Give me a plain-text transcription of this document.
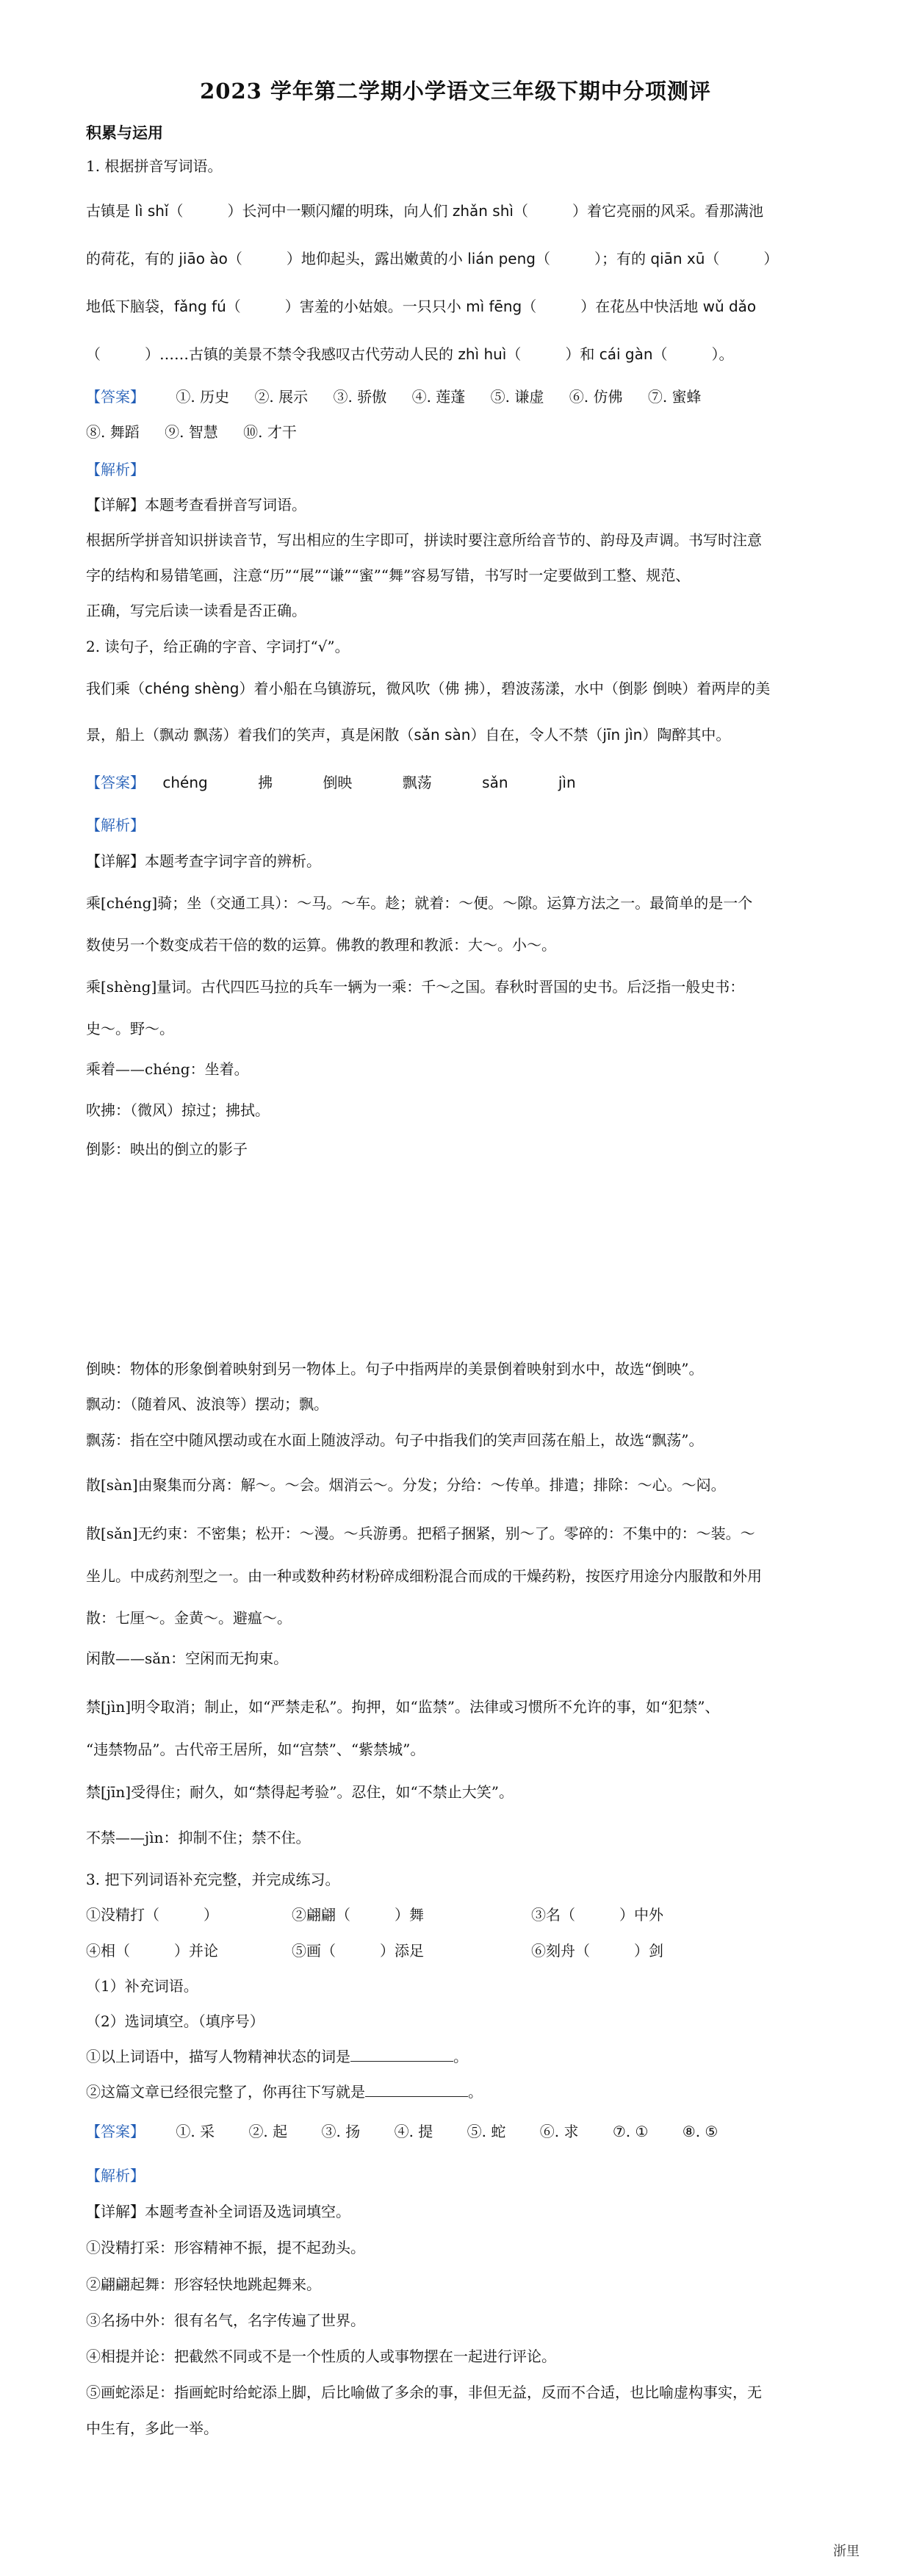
2023 学年第二学期小学语文三年级下期中分项测评
积累与运用
1. 根据拼音写词语。
古镇是 lì shǐ（　　　）长河中一颗闪耀的明珠，向人们 zhǎn shì（　　　）着它亮丽的风采。看那满池
的荷花，有的 jiāo ào（　　　）地仰起头，露出嫩黄的小 lián peng（　　　）；有的 qiān xū（　　　）
地低下脑袋，fǎng fú（　　　）害羞的小姑娘。一只只小 mì fēng（　　　）在花丛中快活地 wǔ dǎo
（　　　）……古镇的美景不禁令我感叹古代劳动人民的 zhì huì（　　　）和 cái gàn（　　　）。
【答案】 ①. 历史 ②. 展示 ③. 骄傲 ④. 莲蓬 ⑤. 谦虚 ⑥. 仿佛 ⑦. 蜜蜂
⑧. 舞蹈 ⑨. 智慧 ⑩. 才干
【解析】
【详解】本题考查看拼音写词语。
根据所学拼音知识拼读音节，写出相应的生字即可，拼读时要注意所给音节的、韵母及声调。书写时注意
字的结构和易错笔画，注意“历”“展”“谦”“蜜”“舞”容易写错，书写时一定要做到工整、规范、
正确，写完后读一读看是否正确。
2. 读句子，给正确的字音、字词打“√”。
我们乘（chéng shèng）着小船在乌镇游玩，微风吹（佛 拂），碧波荡漾，水中（倒影 倒映）着两岸的美
景，船上（飘动 飘荡）着我们的笑声，真是闲散（sǎn sàn）自在，令人不禁（jīn jìn）陶醉其中。
【答案】 chéng	拂	倒映	飘荡	sǎn	jìn
【解析】
【详解】本题考查字词字音的辨析。
乘[chéng]骑；坐（交通工具）：～马。～车。趁；就着：～便。～隙。运算方法之一。最简单的是一个
数使另一个数变成若干倍的数的运算。佛教的教理和教派：大～。小～。
乘[shèng]量词。古代四匹马拉的兵车一辆为一乘：千～之国。春秋时晋国的史书。后泛指一般史书：
史～。野～。
乘着——chéng：坐着。
吹拂：（微风）掠过；拂拭。
倒影：映出的倒立的影子
倒映：物体的形象倒着映射到另一物体上。句子中指两岸的美景倒着映射到水中，故选“倒映”。
飘动：（随着风、波浪等）摆动；飘。
飘荡：指在空中随风摆动或在水面上随波浮动。句子中指我们的笑声回荡在船上，故选“飘荡”。
散[sàn]由聚集而分离：解～。～会。烟消云～。分发；分给：～传单。排遣；排除：～心。～闷。
散[sǎn]无约束：不密集；松开：～漫。～兵游勇。把稻子捆紧，别～了。零碎的：不集中的：～装。～
坐儿。中成药剂型之一。由一种或数种药材粉碎成细粉混合而成的干燥药粉，按医疗用途分内服散和外用
散：七厘～。金黄～。避瘟～。
闲散——sǎn：空闲而无拘束。
禁[jìn]明令取消；制止，如“严禁走私”。拘押，如“监禁”。法律或习惯所不允许的事，如“犯禁”、
“违禁物品”。古代帝王居所，如“宫禁”、“紫禁城”。
禁[jīn]受得住；耐久，如“禁得起考验”。忍住，如“不禁止大笑”。
不禁——jìn：抑制不住；禁不住。
3. 把下列词语补充完整，并完成练习。
①没精打（　　　）	②翩翩（　　　）舞	③名（　　　）中外
④相（　　　）并论	⑤画（　　　）添足	⑥刻舟（　　　）剑
（1）补充词语。
（2）选词填空。（填序号）
①以上词语中，描写人物精神状态的词是	。
②这篇文章已经很完整了，你再往下写就是	。
【答案】 ①. 采 ②. 起 ③. 扬 ④. 提 ⑤. 蛇 ⑥. 求 ⑦. ① ⑧. ⑤
【解析】
【详解】本题考查补全词语及选词填空。
①没精打采：形容精神不振，提不起劲头。
②翩翩起舞：形容轻快地跳起舞来。
③名扬中外：很有名气，名字传遍了世界。
④相提并论：把截然不同或不是一个性质的人或事物摆在一起进行评论。
⑤画蛇添足：指画蛇时给蛇添上脚，后比喻做了多余的事，非但无益，反而不合适，也比喻虚构事实，无
中生有，多此一举。
浙里
